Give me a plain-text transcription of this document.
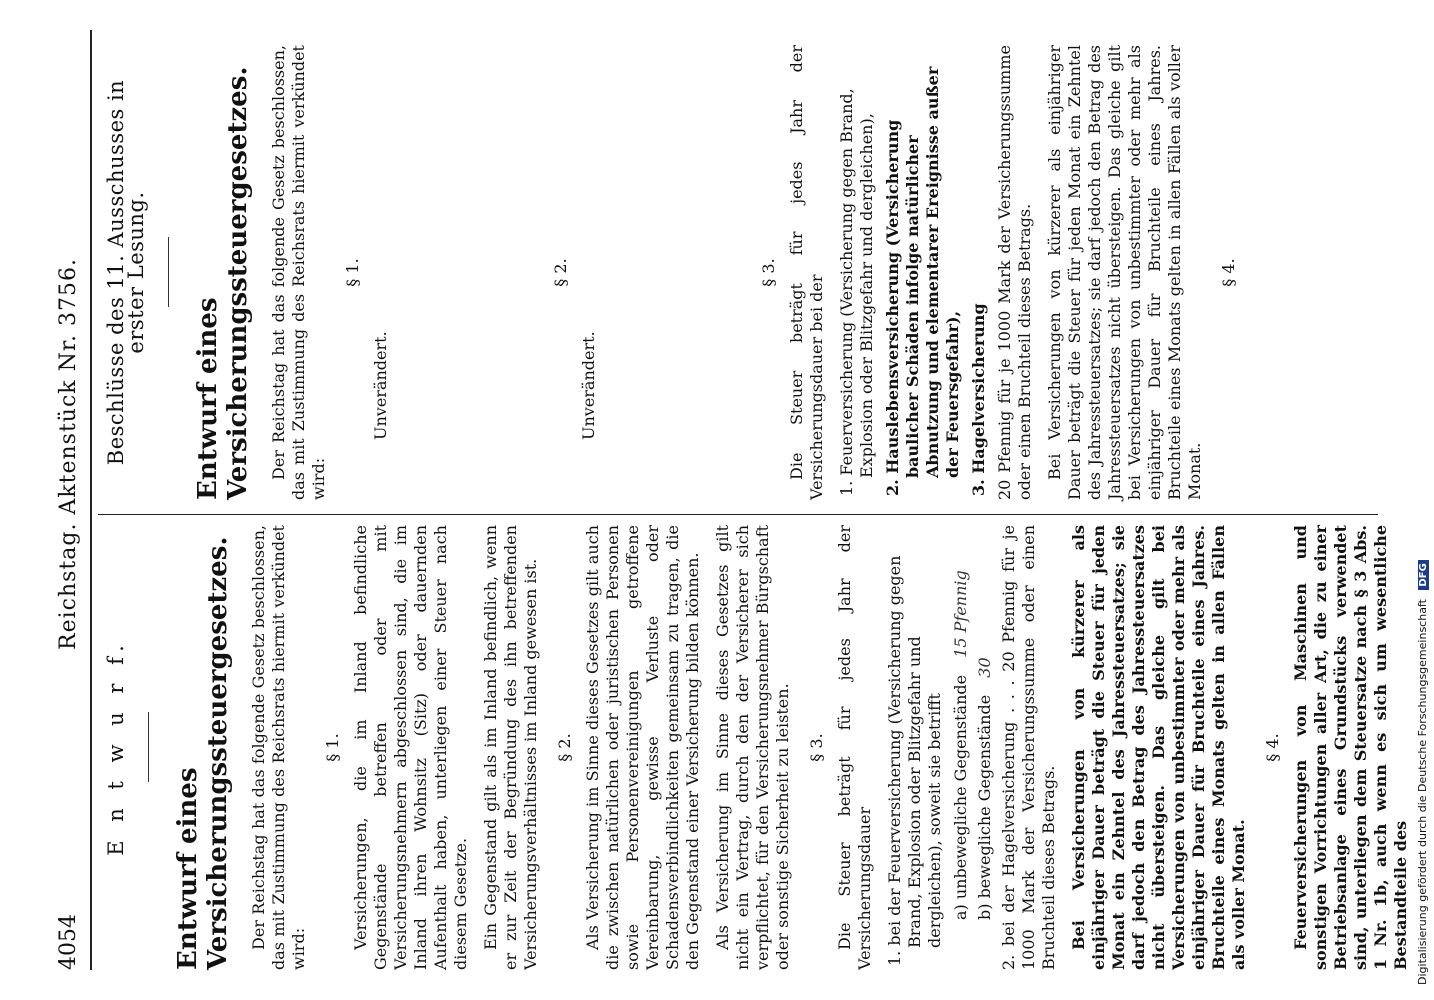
4054
Reichstag. Aktenstück Nr. 3756.
E n t w u r f.
Entwurf eines Versicherungssteuergesetzes. Der Reichstag hat das folgende Gesetz beschlossen, das mit Zustimmung des Reichsrats hiermit verkündet wird:

§ 1. Versicherungen, die im Inland befindliche Gegenstände betreffen oder mit Versicherungsnehmern abgeschlossen sind, die im Inland ihren Wohnsitz (Sitz) oder dauernden Aufenthalt haben, unterliegen einer Steuer nach diesem Gesetze. Ein Gegenstand gilt als im Inland befindlich, wenn er zur Zeit der Begründung des ihn betreffenden Versicherungsverhältnisses im Inland gewesen ist. § 2. Als Versicherung im Sinne dieses Gesetzes gilt auch die zwischen natürlichen oder juristischen Personen sowie Personenvereinigungen getroffene Vereinbarung, gewisse Verluste oder Schadensverbindlichkeiten gemeinsam zu tragen, die den Gegenstand einer Versicherung bilden können. Als Versicherung im Sinne dieses Gesetzes gilt nicht ein Vertrag, durch den der Versicherer sich verpflichtet, für den Versicherungsnehmer Bürgschaft oder sonstige Sicherheit zu leisten. § 3. Die Steuer beträgt für jedes Jahr der Versicherungsdauer 1. bei der Feuerversicherung (Versicherung gegen Brand, Explosion oder Blitzgefahr und dergleichen), soweit sie betrifft a) unbewegliche Gegenstände 15 Pfennig
b) bewegliche Gegenstände 30 2. bei der Hagelversicherung . . . 20 Pfennig für je 1000 Mark der Versicherungssumme oder einen Bruchteil dieses Betrags. Bei Versicherungen von kürzerer als einjähriger Dauer beträgt die Steuer für jeden Monat ein Zehntel des Jahressteuersatzes; sie darf jedoch den Betrag des Jahressteuersatzes nicht übersteigen. Das gleiche gilt bei Versicherungen von unbestimmter oder mehr als einjähriger Dauer für Bruchteile eines Jahres. Bruchteile eines Monats gelten in allen Fällen als voller Monat.

§ 4. Feuerversicherungen von Maschinen und sonstigen Vorrichtungen aller Art, die zu einer Betriebsanlage eines Grundstücks verwendet sind, unterliegen dem Steuersatze nach § 3 Abs. 1 Nr. 1b, auch wenn es sich um wesentliche Bestandteile des

Beschlüsse des 11. Ausschusses in erster Lesung.
Entwurf eines Versicherungssteuergesetzes. Der Reichstag hat das folgende Gesetz beschlossen, das mit Zustimmung des Reichsrats hiermit verkündet wird:

§ 1.
Unverändert.
§ 2.
Unverändert.
§ 3. Die Steuer beträgt für jedes Jahr der Versicherungsdauer bei der 1. Feuerversicherung (Versicherung gegen Brand, Explosion oder Blitzgefahr und dergleichen), 2. Hauslebensversicherung (Versicherung baulicher Schäden infolge natürlicher Abnutzung und elementarer Ereignisse außer der Feuersgefahr), 3. Hagelversicherung 20 Pfennig für je 1000 Mark der Versicherungssumme oder einen Bruchteil dieses Betrags. Bei Versicherungen von kürzerer als einjähriger Dauer beträgt die Steuer für jeden Monat ein Zehntel des Jahressteuersatzes; sie darf jedoch den Betrag des Jahressteuersatzes nicht übersteigen. Das gleiche gilt bei Versicherungen von unbestimmter oder mehr als einjähriger Dauer für Bruchteile eines Jahres. Bruchteile eines Monats gelten in allen Fällen als voller Monat.

§ 4.
Digitalisierung gefördert durch die Deutsche Forschungsgemeinschaft DFG
